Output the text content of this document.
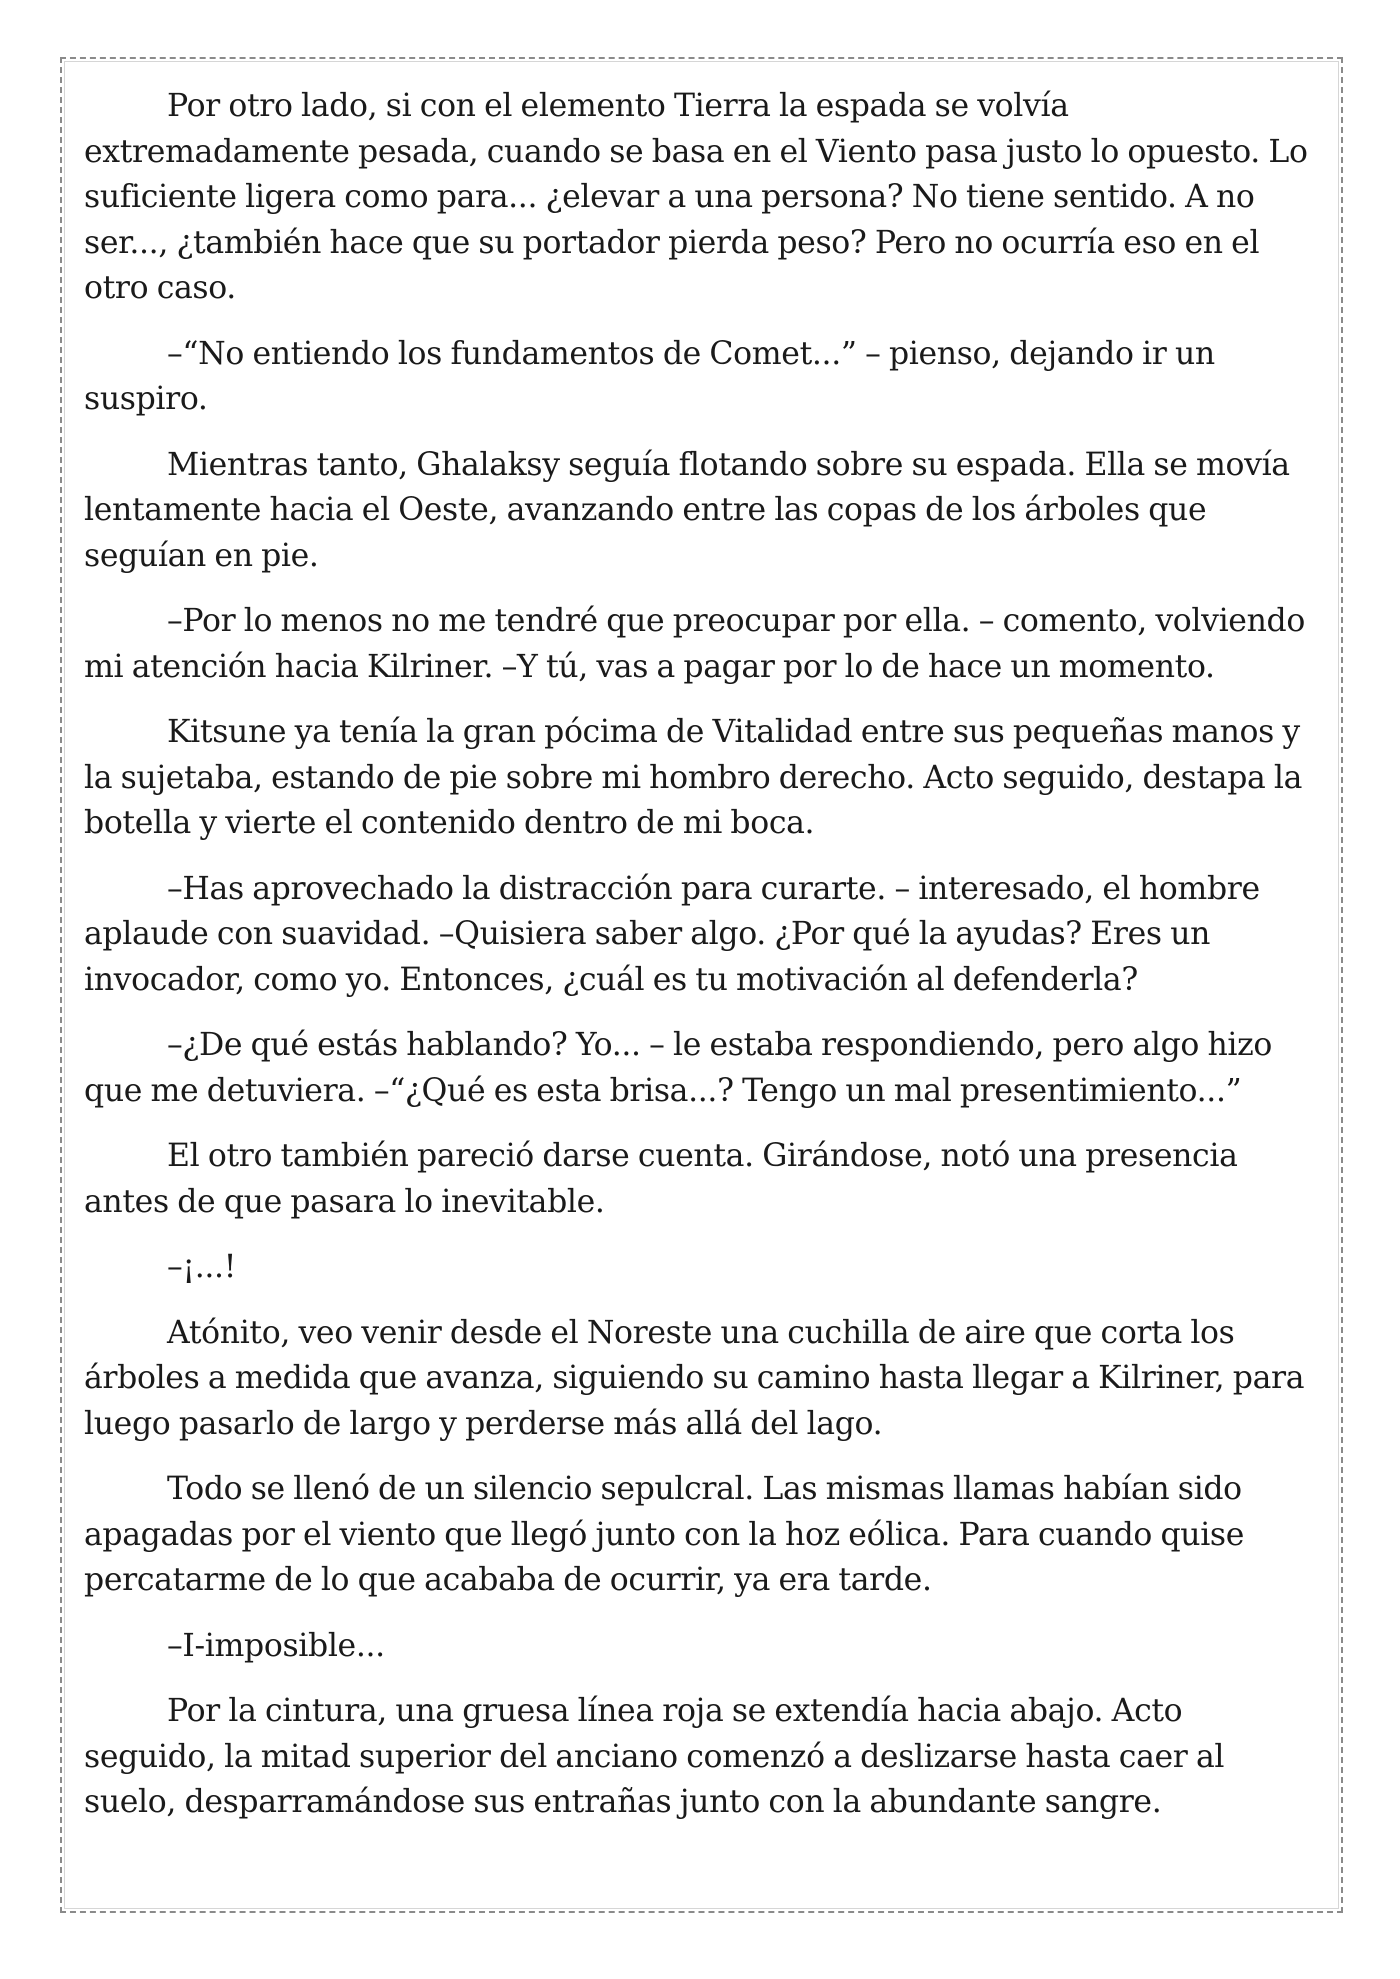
Por otro lado, si con el elemento Tierra la espada se volvía extremadamente pesada, cuando se basa en el Viento pasa justo lo opuesto. Lo suficiente ligera como para... ¿elevar a una persona? No tiene sentido. A no ser..., ¿también hace que su portador pierda peso? Pero no ocurría eso en el otro caso.

–“No entiendo los fundamentos de Comet...” – pienso, dejando ir un suspiro.

Mientras tanto, Ghalaksy seguía flotando sobre su espada. Ella se movía lentamente hacia el Oeste, avanzando entre las copas de los árboles que seguían en pie.

–Por lo menos no me tendré que preocupar por ella. – comento, volviendo mi atención hacia Kilriner. –Y tú, vas a pagar por lo de hace un momento.

Kitsune ya tenía la gran pócima de Vitalidad entre sus pequeñas manos y la sujetaba, estando de pie sobre mi hombro derecho. Acto seguido, destapa la botella y vierte el contenido dentro de mi boca.

–Has aprovechado la distracción para curarte. – interesado, el hombre aplaude con suavidad. –Quisiera saber algo. ¿Por qué la ayudas? Eres un invocador, como yo. Entonces, ¿cuál es tu motivación al defenderla?

–¿De qué estás hablando? Yo... – le estaba respondiendo, pero algo hizo que me detuviera. –“¿Qué es esta brisa...? Tengo un mal presentimiento...”

El otro también pareció darse cuenta. Girándose, notó una presencia antes de que pasara lo inevitable.

–¡...!

Atónito, veo venir desde el Noreste una cuchilla de aire que corta los árboles a medida que avanza, siguiendo su camino hasta llegar a Kilriner, para luego pasarlo de largo y perderse más allá del lago.

Todo se llenó de un silencio sepulcral. Las mismas llamas habían sido apagadas por el viento que llegó junto con la hoz eólica. Para cuando quise percatarme de lo que acababa de ocurrir, ya era tarde.

–I-imposible...

Por la cintura, una gruesa línea roja se extendía hacia abajo. Acto seguido, la mitad superior del anciano comenzó a deslizarse hasta caer al suelo, desparramándose sus entrañas junto con la abundante sangre.
